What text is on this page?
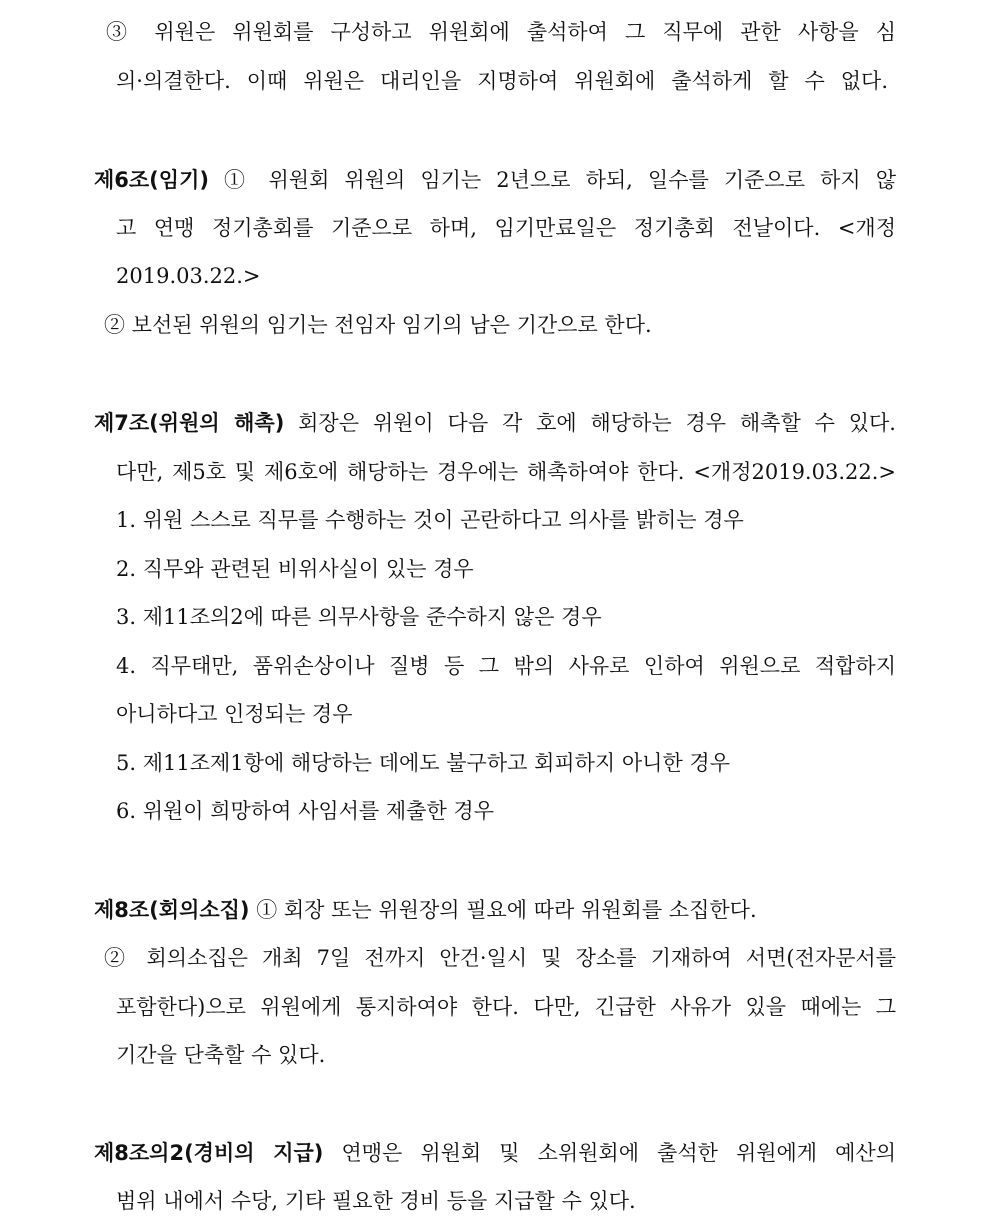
③ 위원은 위원회를 구성하고 위원회에 출석하여 그 직무에 관한 사항을 심
의·의결한다. 이때 위원은 대리인을 지명하여 위원회에 출석하게 할 수 없다.
제6조(임기) ① 위원회 위원의 임기는 2년으로 하되, 일수를 기준으로 하지 않
고 연맹 정기총회를 기준으로 하며, 임기만료일은 정기총회 전날이다. <개정
2019.03.22.>
② 보선된 위원의 임기는 전임자 임기의 남은 기간으로 한다.
제7조(위원의 해촉) 회장은 위원이 다음 각 호에 해당하는 경우 해촉할 수 있다.
다만, 제5호 및 제6호에 해당하는 경우에는 해촉하여야 한다. <개정2019.03.22.>
1. 위원 스스로 직무를 수행하는 것이 곤란하다고 의사를 밝히는 경우
2. 직무와 관련된 비위사실이 있는 경우
3. 제11조의2에 따른 의무사항을 준수하지 않은 경우
4. 직무태만, 품위손상이나 질병 등 그 밖의 사유로 인하여 위원으로 적합하지
아니하다고 인정되는 경우
5. 제11조제1항에 해당하는 데에도 불구하고 회피하지 아니한 경우
6. 위원이 희망하여 사임서를 제출한 경우
제8조(회의소집) ① 회장 또는 위원장의 필요에 따라 위원회를 소집한다.
② 회의소집은 개최 7일 전까지 안건·일시 및 장소를 기재하여 서면(전자문서를
포함한다)으로 위원에게 통지하여야 한다. 다만, 긴급한 사유가 있을 때에는 그
기간을 단축할 수 있다.
제8조의2(경비의 지급) 연맹은 위원회 및 소위원회에 출석한 위원에게 예산의
범위 내에서 수당, 기타 필요한 경비 등을 지급할 수 있다.
